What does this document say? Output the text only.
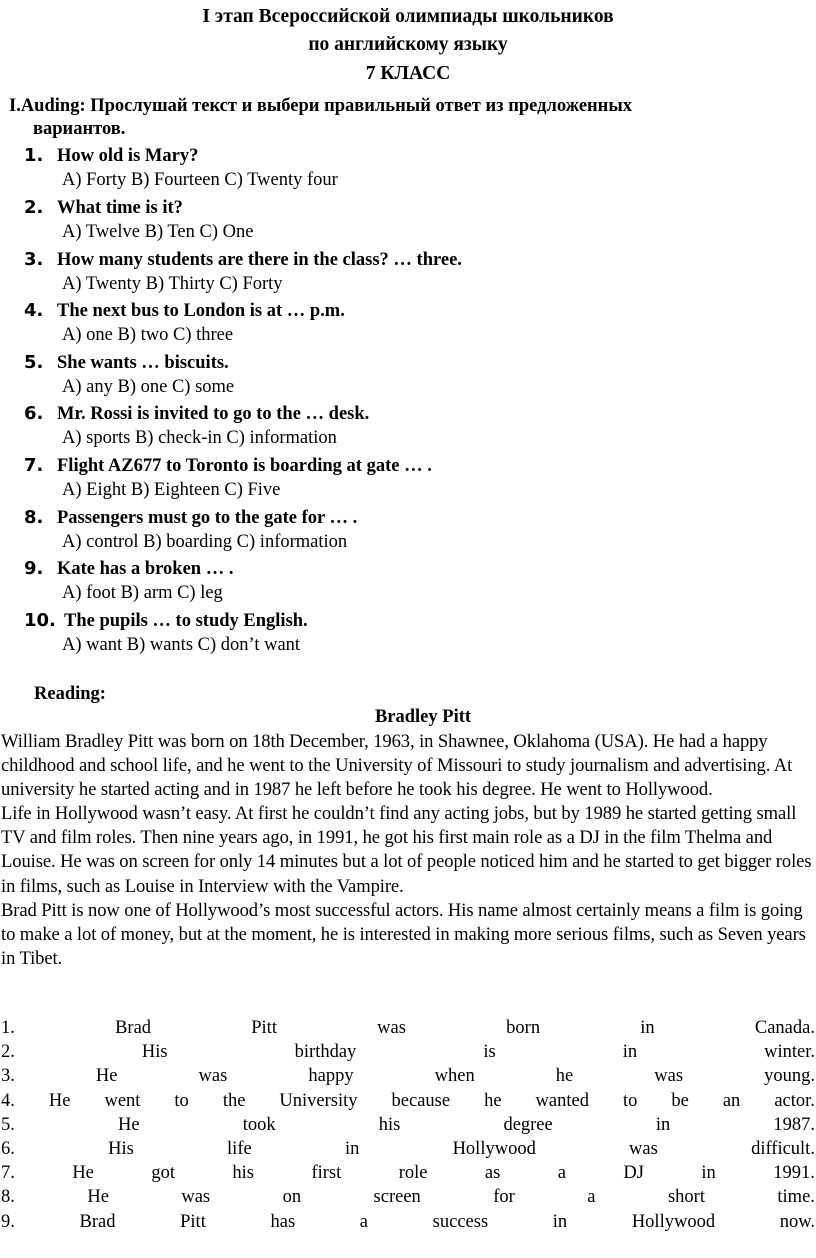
I этап Всероссийской олимпиады школьников
по английскому языку
7 КЛАСС
I.Auding: Прослушай текст и выбери правильный ответ из предложенных
вариантов.
1. How old is Mary?
A) Forty B) Fourteen C) Twenty four
2. What time is it?
A) Twelve B) Ten C) One
3. How many students are there in the class? … three.
A) Twenty B) Thirty C) Forty
4. The next bus to London is at … p.m.
A) one B) two C) three
5. She wants … biscuits.
A) any B) one C) some
6. Mr. Rossi is invited to go to the … desk.
A) sports B) check-in C) information
7. Flight AZ677 to Toronto is boarding at gate … .
A) Eight B) Eighteen C) Five
8. Passengers must go to the gate for … .
A) control B) boarding C) information
9. Kate has a broken … .
A) foot B) arm C) leg
10. The pupils … to study English.
A) want B) wants C) don’t want
Reading:
Bradley Pitt

William Bradley Pitt was born on 18th December, 1963, in Shawnee, Oklahoma (USA). He had a happy childhood and school life, and he went to the University of Missouri to study journalism and advertising. At university he started acting and in 1987 he left before he took his degree. He went to Hollywood.

Life in Hollywood wasn’t easy. At first he couldn’t find any acting jobs, but by 1989 he started getting small TV and film roles. Then nine years ago, in 1991, he got his first main role as a DJ in the film Thelma and Louise. He was on screen for only 14 minutes but a lot of people noticed him and he started to get bigger roles in films, such as Louise in Interview with the Vampire.

Brad Pitt is now one of Hollywood’s most successful actors. His name almost certainly means a film is going to make a lot of money, but at the moment, he is interested in making more serious films, such as Seven years in Tibet.

1.	Brad	Pitt	was	born	in	Canada.
2.	His	birthday	is	in	winter.
3.	He	was	happy	when	he	was	young.
4. He went to the University because he wanted to be an actor.
5.	He	took	his	degree	in	1987.
6.	His	life	in	Hollywood	was	difficult.
7.	He	got	his	first	role	as	a	DJ	in	1991.
8.	He	was	on	screen	for	a	short	time.
9.	Brad	Pitt	has	a	success	in	Hollywood	now.
